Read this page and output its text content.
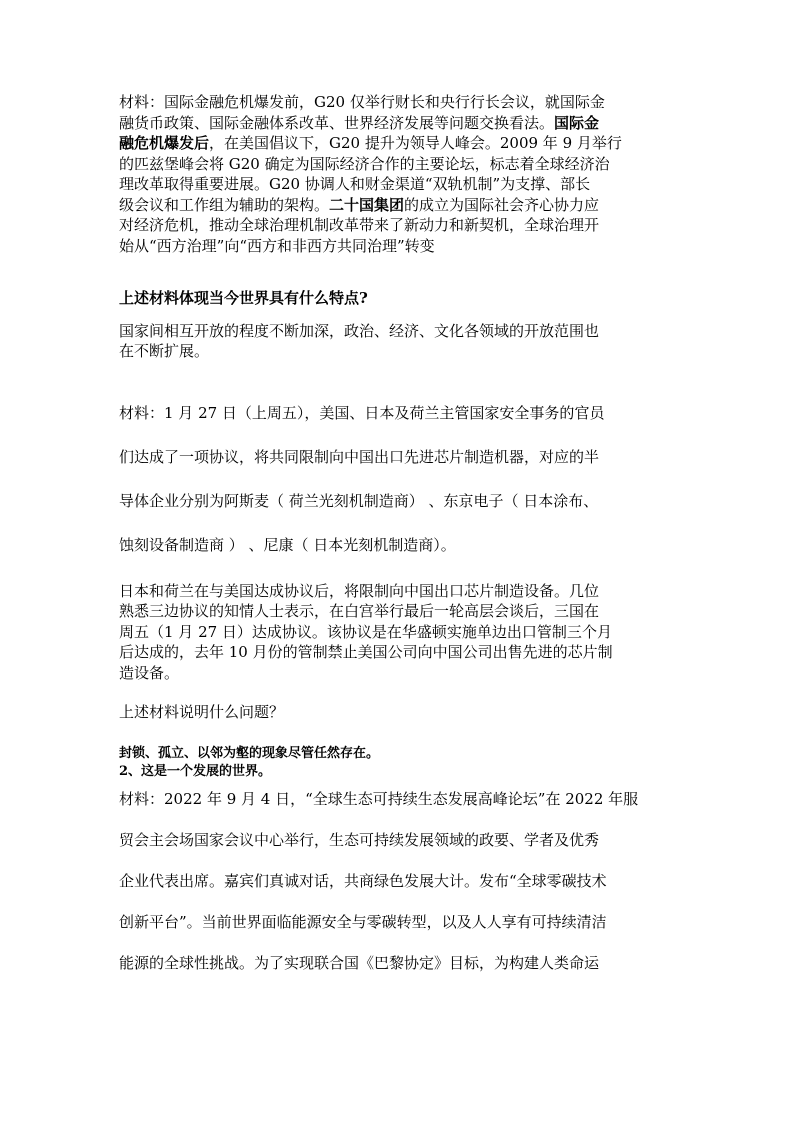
材料：国际金融危机爆发前，G20 仅举行财长和央行行长会议，就国际金

融货币政策、国际金融体系改革、世界经济发展等问题交换看法。国际金

融危机爆发后，在美国倡议下，G20 提升为领导人峰会。2009 年 9 月举行

的匹兹堡峰会将 G20 确定为国际经济合作的主要论坛，标志着全球经济治

理改革取得重要进展。G20 协调人和财金渠道“双轨机制”为支撑、部长

级会议和工作组为辅助的架构。二十国集团的成立为国际社会齐心协力应

对经济危机，推动全球治理机制改革带来了新动力和新契机，全球治理开

始从“西方治理”向“西方和非西方共同治理”转变

上述材料体现当今世界具有什么特点?

国家间相互开放的程度不断加深，政治、经济、文化各领域的开放范围也

在不断扩展。

材料：1 月 27 日（上周五），美国、日本及荷兰主管国家安全事务的官员

们达成了一项协议，将共同限制向中国出口先进芯片制造机器，对应的半

导体企业分别为阿斯麦（ 荷兰光刻机制造商） 、东京电子（ 日本涂布、

蚀刻设备制造商 ） 、尼康（ 日本光刻机制造商）。

日本和荷兰在与美国达成协议后，将限制向中国出口芯片制造设备。几位

熟悉三边协议的知情人士表示，在白宫举行最后一轮高层会谈后，三国在

周五（1 月 27 日）达成协议。该协议是在华盛顿实施单边出口管制三个月

后达成的，去年 10 月份的管制禁止美国公司向中国公司出售先进的芯片制

造设备。

上述材料说明什么问题？

封锁、孤立、以邻为壑的现象尽管任然存在。
2、这是一个发展的世界。

材料：2022 年 9 月 4 日，“全球生态可持续生态发展高峰论坛”在 2022 年服

贸会主会场国家会议中心举行，生态可持续发展领域的政要、学者及优秀

企业代表出席。嘉宾们真诚对话，共商绿色发展大计。发布“全球零碳技术

创新平台”。当前世界面临能源安全与零碳转型，以及人人享有可持续清洁

能源的全球性挑战。为了实现联合国《巴黎协定》目标，为构建人类命运
